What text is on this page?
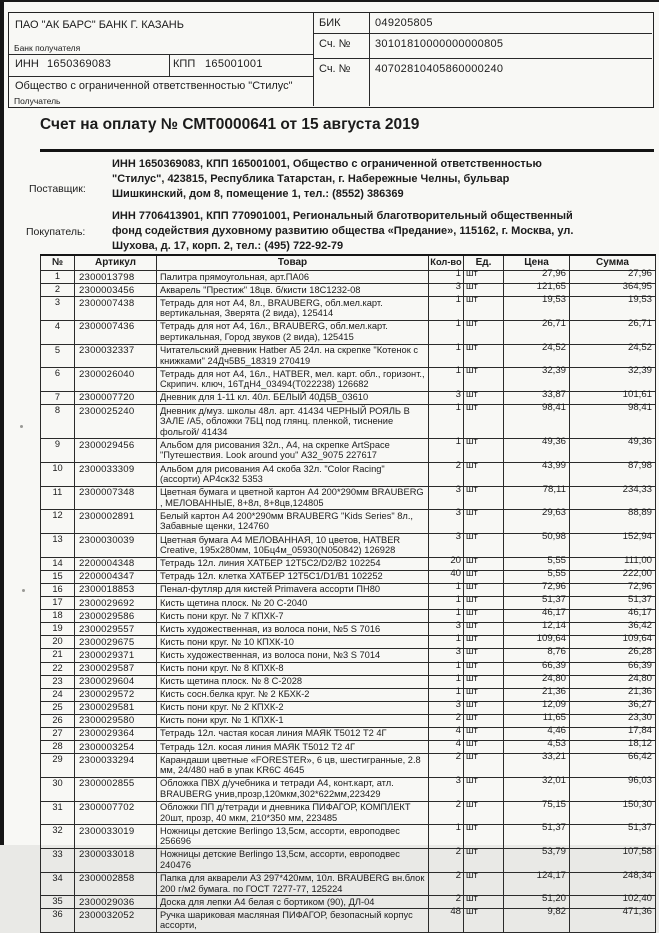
ПАО "АК БАРС" БАНК Г. КАЗАНЬ
Банк получателя
ИНН 1650369083	КПП 165001001
Общество с ограниченной ответственностью "Стилус"
Получатель
БИК	049205805
Сч. № 30101810000000000805
Сч. № 40702810405860000240
Счет на оплату № СМТ0000641 от 15 августа 2019
Поставщик:
ИНН 1650369083, КПП 165001001, Общество с ограниченной ответственностью "Стилус", 423815, Республика Татарстан, г. Набережные Челны, бульвар Шишкинский, дом 8, помещение 1, тел.: (8552) 386369
Покупатель:
ИНН 7706413901, КПП 770901001, Региональный благотворительный общественный фонд содействия духовному развитию общества «Предание», 115162, г. Москва, ул. Шухова, д. 17, корп. 2, тел.: (495) 722-92-79
№	Артикул	Товар	Кол-во	Ед.	Цена	Сумма
1	2300013798	Палитра прямоугольная, арт.ПА06	1	шт	27,96	27,96
2	2300003456	Акварель "Престиж" 18цв. б/кисти 18С1232-08	3	шт	121,65	364,95
3	2300007438	Тетрадь для нот А4, 8л., BRAUBERG, обл.мел.карт. вертикальная, Зверята (2 вида), 125414	1	шт	19,53	19,53
4	2300007436	Тетрадь для нот А4, 16л., BRAUBERG, обл.мел.карт. вертикальная, Город звуков (2 вида), 125415	1	шт	26,71	26,71
5	2300032337	Читательский дневник Hatber А5 24л. на скрепке "Котенок с книжками" 24Дч5В5_18319 270419	1	шт	24,52	24,52
6	2300026040	Тетрадь для нот А4, 16л., HATBER, мел. карт. обл., горизонт., Скрипич. ключ, 16ТдН4_03494(Т022238) 126682	1	шт	32,39	32,39
7	2300007720	Дневник для 1-11 кл. 40л. БЕЛЫЙ 40Д5В_03610	3	шт	33,87	101,61
8	2300025240	Дневник д/муз. школы 48л. арт. 41434 ЧЕРНЫЙ РОЯЛЬ В ЗАЛЕ /А5, обложки 7БЦ под глянц. пленкой, тиснение фольгой/ 41434	1	шт	98,41	98,41
9	2300029456	Альбом для рисования 32л., А4, на скрепке ArtSpace "Путешествия. Look around you" А32_9075 227617	1	шт	49,36	49,36
10	2300033309	Альбом для рисования А4 скоба 32л. "Color Racing" (ассорти) АР4ск32 5353	2	шт	43,99	87,98
11	2300007348	Цветная бумага и цветной картон А4 200*290мм BRAUBERG , МЕЛОВАННЫЕ, 8+8л, 8+8цв,124805	3	шт	78,11	234,33
12	2300002891	Белый картон А4 200*290мм BRAUBERG "Kids Series" 8л., Забавные щенки, 124760	3	шт	29,63	88,89
13	2300030039	Цветная бумага А4 МЕЛОВАННАЯ, 10 цветов, HATBER Creative, 195x280мм, 10Бц4м_05930(N050842) 126928	3	шт	50,98	152,94
14	2200004348	Тетрадь 12л. линия ХАТБЕР 12Т5С2/D2/В2 102254	20	шт	5,55	111,00
15	2200004347	Тетрадь 12л. клетка ХАТБЕР 12Т5С1/D1/В1 102252	40	шт	5,55	222,00
16	2300018853	Пенал-футляр для кистей Primavera ассорти ПН80	1	шт	72,96	72,96
17	2300029692	Кисть щетина плоск. № 20 С-2040	1	шт	51,37	51,37
18	2300029586	Кисть пони круг. № 7 КПХК-7	1	шт	46,17	46,17
19	2300029557	Кисть художественная, из волоса пони, №5 S 7016	3	шт	12,14	36,42
20	2300029675	Кисть пони круг. № 10 КПХК-10	1	шт	109,64	109,64
21	2300029371	Кисть художественная, из волоса пони, №3 S 7014	3	шт	8,76	26,28
22	2300029587	Кисть пони круг. № 8 КПХК-8	1	шт	66,39	66,39
23	2300029604	Кисть щетина плоск. № 8 С-2028	1	шт	24,80	24,80
24	2300029572	Кисть сосн.белка круг. № 2 КБХК-2	1	шт	21,36	21,36
25	2300029581	Кисть пони круг. № 2 КПХК-2	3	шт	12,09	36,27
26	2300029580	Кисть пони круг. № 1 КПХК-1	2	шт	11,65	23,30
27	2300029364	Тетрадь 12л. частая косая линия МАЯК Т5012 Т2 4Г	4	шт	4,46	17,84
28	2300003254	Тетрадь 12л. косая линия МАЯК Т5012 Т2 4Г	4	шт	4,53	18,12
29	2300033294	Карандаши цветные «FORESTER», 6 цв, шестигранные, 2.8 мм, 24/480 наб в упак KR6C 4645	2	шт	33,21	66,42
30	2300002855	Обложка ПВХ д/учебника и тетради А4, конт.карт, атл. BRAUBERG унив,прозр,120мкм,302*622мм,223429	3	шт	32,01	96,03
31	2300007702	Обложки ПП д/тетради и дневника ПИФАГОР, КОМПЛЕКТ 20шт, прозр, 40 мкм, 210*350 мм, 223485	2	шт	75,15	150,30
32	2300033019	Ножницы детские Berlingo 13,5см, ассорти, европодвес 256696	1	шт	51,37	51,37
33	2300033018	Ножницы детские Berlingo 13,5см, ассорти, европодвес 240476	2	шт	53,79	107,58
34	2300002858	Папка для акварели А3 297*420мм, 10л. BRAUBERG вн.блок 200 г/м2 бумага. по ГОСТ 7277-77, 125224	2	шт	124,17	248,34
35	2300029036	Доска для лепки А4 белая с бортиком (90), ДЛ-04	2	шт	51,20	102,40
36	2300032052	Ручка шариковая масляная ПИФАГОР, безопасный корпус ассорти,	48	шт	9,82	471,36
